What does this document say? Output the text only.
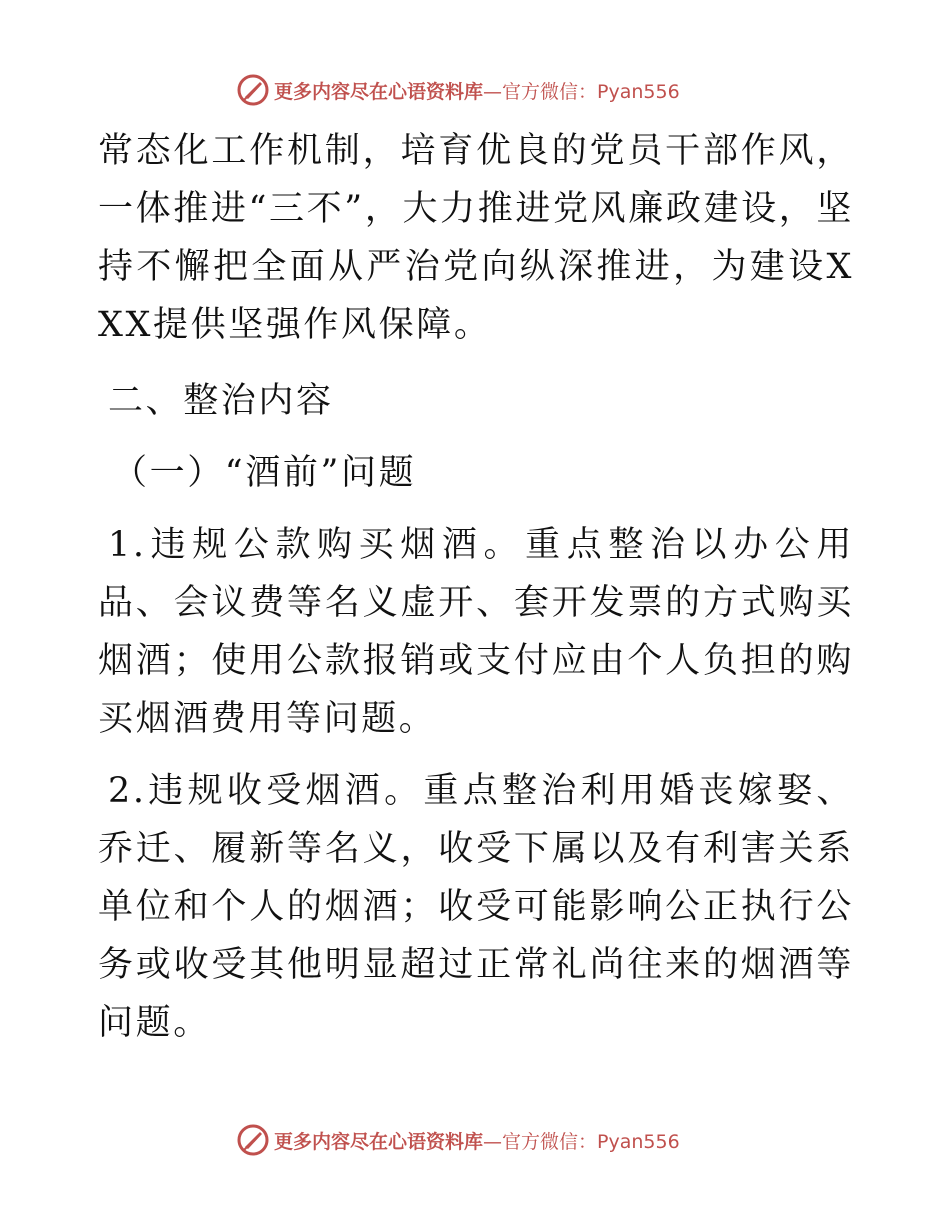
更多内容尽在心语资料库—官方微信：Pyan556

常态化工作机制，培育优良的党员干部作风，一体推进“三不”，大力推进党风廉政建设，坚持不懈把全面从严治党向纵深推进，为建设XXX提供坚强作风保障。

二、整治内容

（一）“酒前”问题

1.违规公款购买烟酒。重点整治以办公用品、会议费等名义虚开、套开发票的方式购买烟酒；使用公款报销或支付应由个人负担的购买烟酒费用等问题。

2.违规收受烟酒。重点整治利用婚丧嫁娶、乔迁、履新等名义，收受下属以及有利害关系单位和个人的烟酒；收受可能影响公正执行公务或收受其他明显超过正常礼尚往来的烟酒等问题。

更多内容尽在心语资料库—官方微信：Pyan556
